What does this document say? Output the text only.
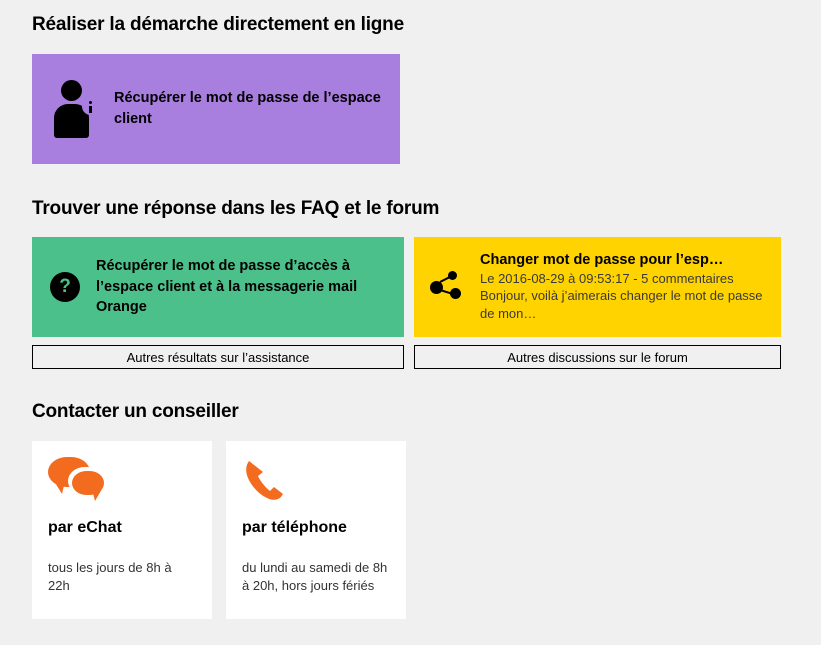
Réaliser la démarche directement en ligne
Récupérer le mot de passe de l’espace client
Trouver une réponse dans les FAQ et le forum
?
Récupérer le mot de passe d’accès à l’espace client et à la messagerie mail Orange
Autres résultats sur l’assistance
Changer mot de passe pour l’esp…
Le 2016-08-29 à 09:53:17 - 5 commentaires
Bonjour, voilà j’aimerais changer le mot de passe de mon…
Autres discussions sur le forum
Contacter un conseiller
par eChat
tous les jours de 8h à 22h
par téléphone
du lundi au samedi de 8h à 20h, hors jours fériés
